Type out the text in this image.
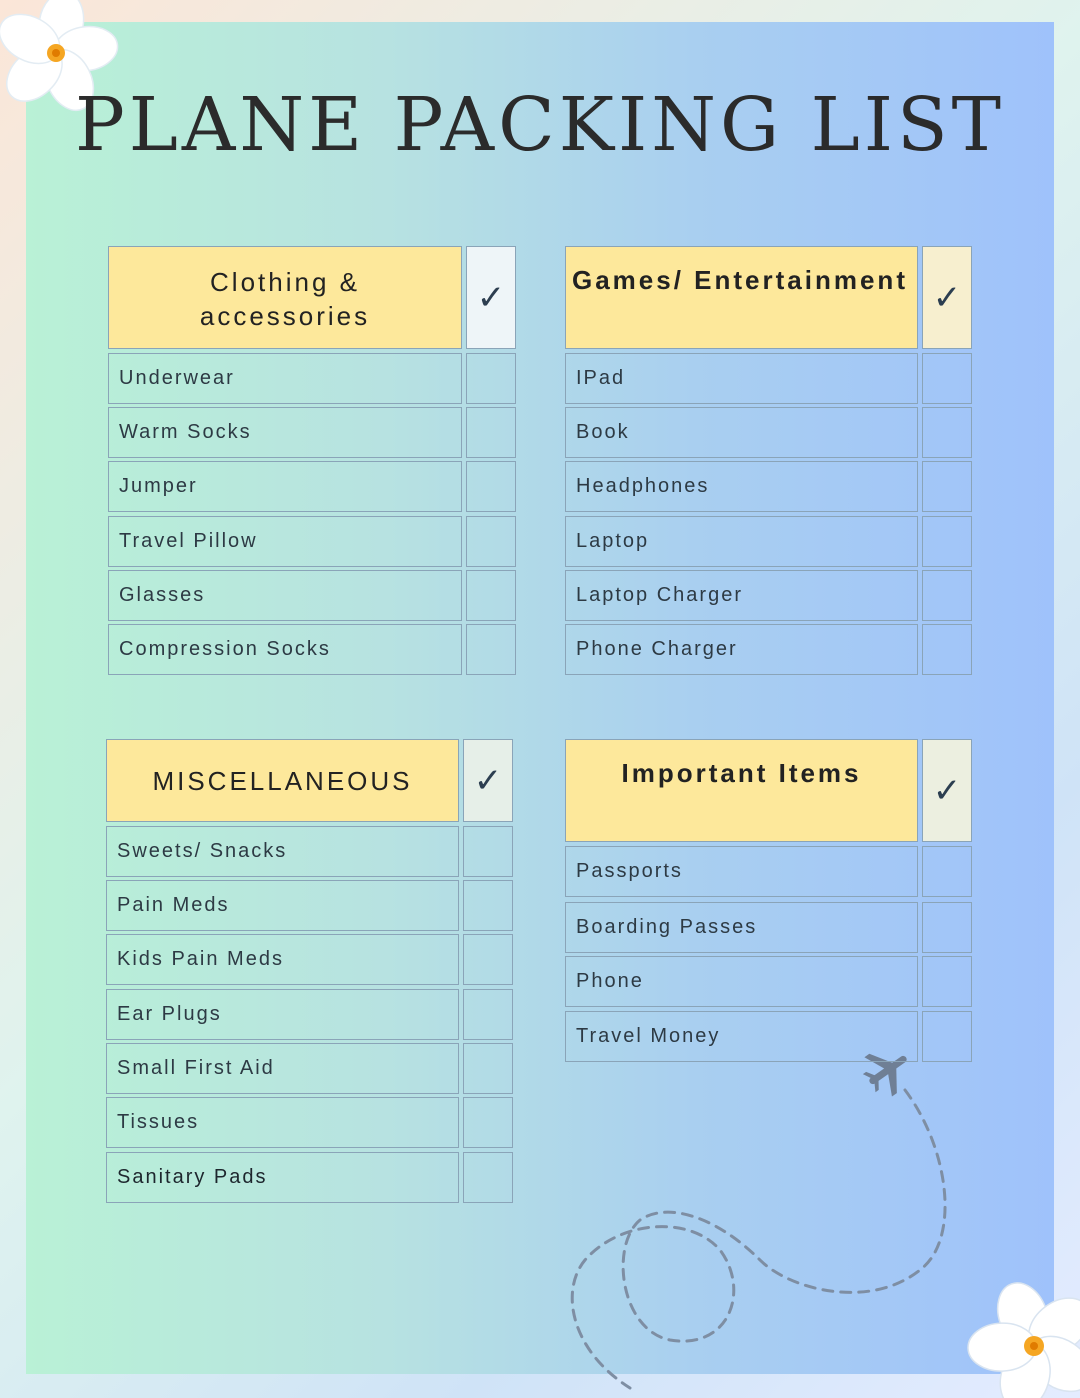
PLANE PACKING LIST
Clothing & accessories	✓
Underwear
Warm Socks
Jumper
Travel Pillow
Glasses
Compression Socks
Games/ Entertainment ✓
IPad
Book
Headphones
Laptop
Laptop Charger
Phone Charger
MISCELLANEOUS	✓
Sweets/ Snacks
Pain Meds
Kids Pain Meds
Ear Plugs
Small First Aid
Tissues
Sanitary Pads
Important Items	✓
Passports
Boarding Passes
Phone
Travel Money
